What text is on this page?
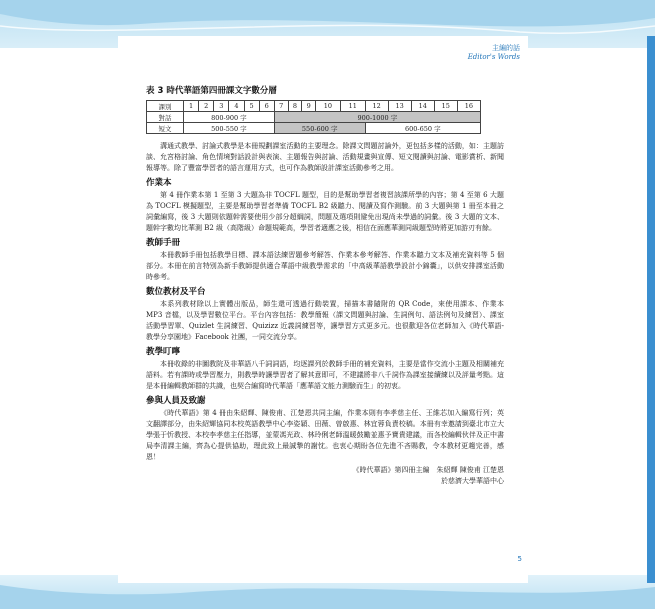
主編的話
Editor's Words
表 3 時代華語第四冊課文字數分層
課別	1	2	3	4	5	6	7	8	9	10	11	12	13	14	15	16
對話	800-900 字						900-1000 字									
短文	500-550 字						550-600 字					600-650 字				

溝通式教學、討論式教學是本冊規劃課室活動的主要理念。除課文問題討論外，更包括多樣的活動，如：主題訪談、允宮格討論、角色情境對話設計與表演、主題報告與討論、活動規畫與宣傳、短文閱讀與討論、電影賞析、新聞報導等。除了豐富學習者的語言運用方式，也可作為教師設計課室活動參考之用。

作業本

第 4 冊作業本第 1 至第 3 大題為非 TOCFL 題型，目的是幫助學習者複習該課所學的內容；第 4 至第 6 大題為 TOCFL 模擬題型，主要是幫助學習者準備 TOCFL B2 級聽力、閱讀及寫作測驗。前 3 大題與第 1 冊至本冊之詞彙編寫，後 3 大題則依題幹需要使用少部分超綱詞，問題及選項則避免出現尚未學過的詞彙。後 3 大題的文本、題幹字數均比華測 B2 級（高階級）命題規範高，學習者適應之後，相信在面應華測同級題型時將更加游刃有餘。

教師手冊

本冊教師手冊包括教學目標、課本語法練習題參考解答、作業本參考解答、作業本聽力文本及補充資料等 5 個部分。本冊在前言特別為新手教師提供適合華語中級教學需求的「中高級華語教學設計小錦囊」，以供安排課室活動時參考。

數位教材及平台

本系列教材除以上實體出版品，師生還可透過行動裝置，掃描本書隨附的 QR Code，來使用課本、作業本 MP3 音檔，以及學習數位平台。平台內容包括：教學簡報（課文問題與討論、生詞例句、語法例句及練習）、課室活動學習單、Quizlet 生詞練習、Quizizz 近義詞練習等，讓學習方式更多元。也很歡迎各位老師加入《時代華語-教學分享園地》Facebook 社團，一同交流分享。

教學叮嚀

本冊收錄的非圖教院及非華語八千詞詞語，均逐課列於教師手冊的補充資料，主要是當作交流小主題及相關補充語料。若有課時或學習壓力，則教學時讓學習者了解其意即可，不建議將非八千詞作為課室接續練以及評量考點。這是本冊編輯教師群的共識，也契合編寫時代華語「應華語文能力測驗而生」的初衷。

參與人員及致謝

《時代華語》第 4 冊由朱紹輝、陳俊甫、江楚恩共同主編，作業本則有李孝慈主任、王維芯加入編寫行列；英文翻譯部分，由朱紹輝協同本校英語教學中心李姿穎、田薇、曾啟惠、林宜蓉負責校稿。本冊有幸邀請到臺北市立大學張于忻教授、本校李孝慈主任指導，並蒙馮光政、林玲俐老師溫暖鼓勵並惠予寶貴建議，而各校編輯伙伴及正中書局李清課主編，齊為心提供協助，理此致上最誠摯的謝忱。也衷心期盼各位先進不吝賜教，令本教材更趨完善，感恩！

《時代華語》第四冊主編　朱紹輝 陳俊甫 江楚恩
於慈濟大學華語中心
5
